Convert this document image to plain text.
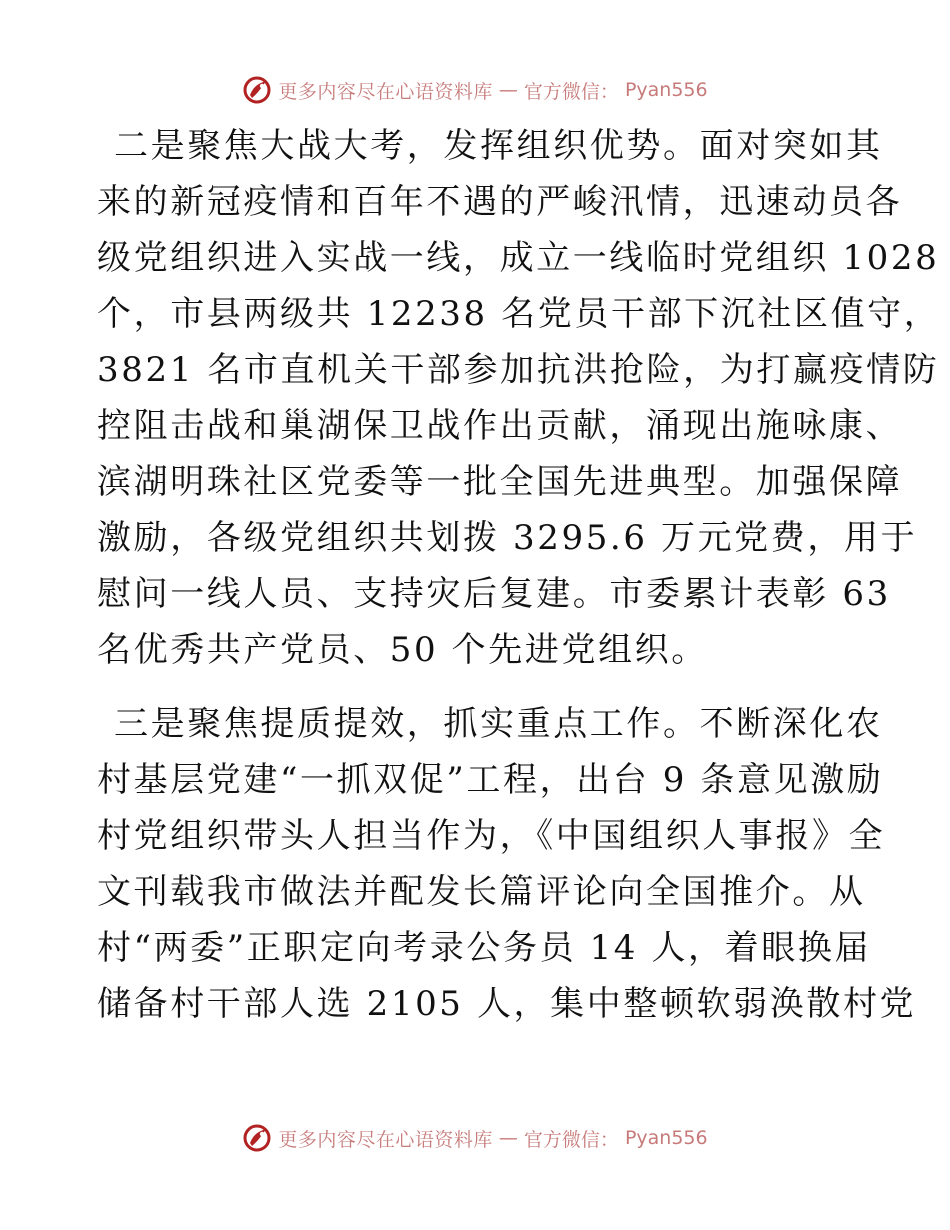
更多内容尽在心语资料库 — 官方微信： Pyan556
二是聚焦大战大考，发挥组织优势。面对突如其
来的新冠疫情和百年不遇的严峻汛情，迅速动员各
级党组织进入实战一线，成立一线临时党组织 1028
个，市县两级共 12238 名党员干部下沉社区值守，
3821 名市直机关干部参加抗洪抢险，为打赢疫情防
控阻击战和巢湖保卫战作出贡献，涌现出施咏康、
滨湖明珠社区党委等一批全国先进典型。加强保障
激励，各级党组织共划拨 3295.6 万元党费，用于
慰问一线人员、支持灾后复建。市委累计表彰 63
名优秀共产党员、50 个先进党组织。
三是聚焦提质提效，抓实重点工作。不断深化农
村基层党建“一抓双促”工程，出台 9 条意见激励
村党组织带头人担当作为，《中国组织人事报》全
文刊载我市做法并配发长篇评论向全国推介。从
村“两委”正职定向考录公务员 14 人，着眼换届
储备村干部人选 2105 人，集中整顿软弱涣散村党
更多内容尽在心语资料库 — 官方微信： Pyan556
